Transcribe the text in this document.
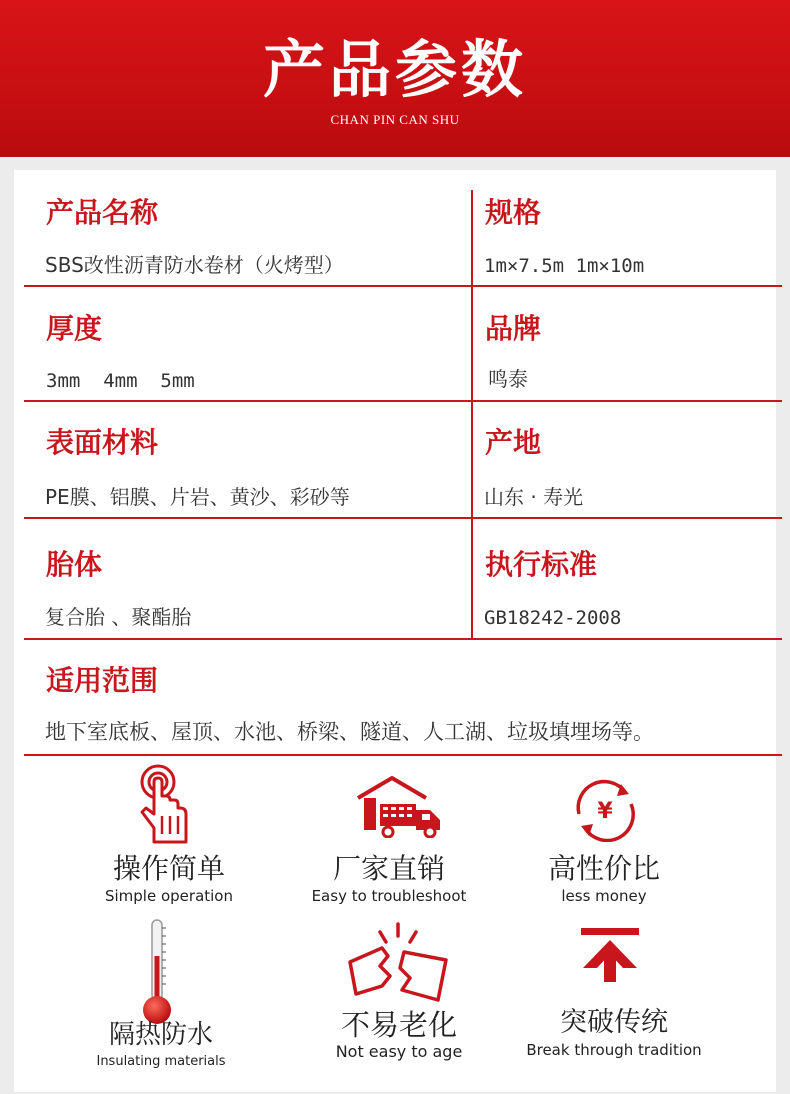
产品参数
CHAN PIN CAN SHU
产品名称
SBS改性沥青防水卷材（火烤型）
规格
1m×7.5m 1m×10m
厚度
3mm  4mm  5mm
品牌
鸣泰
表面材料
PE膜、铝膜、片岩、黄沙、彩砂等
产地
山东 · 寿光
胎体
复合胎 、聚酯胎
执行标准
GB18242-2008
适用范围
地下室底板、屋顶、水池、桥梁、隧道、人工湖、垃圾填埋场等。
操作简单
Simple operation
厂家直销
Easy to troubleshoot
¥
高性价比
less money
隔热防水
Insulating materials
不易老化
Not easy to age
突破传统
Break through tradition
